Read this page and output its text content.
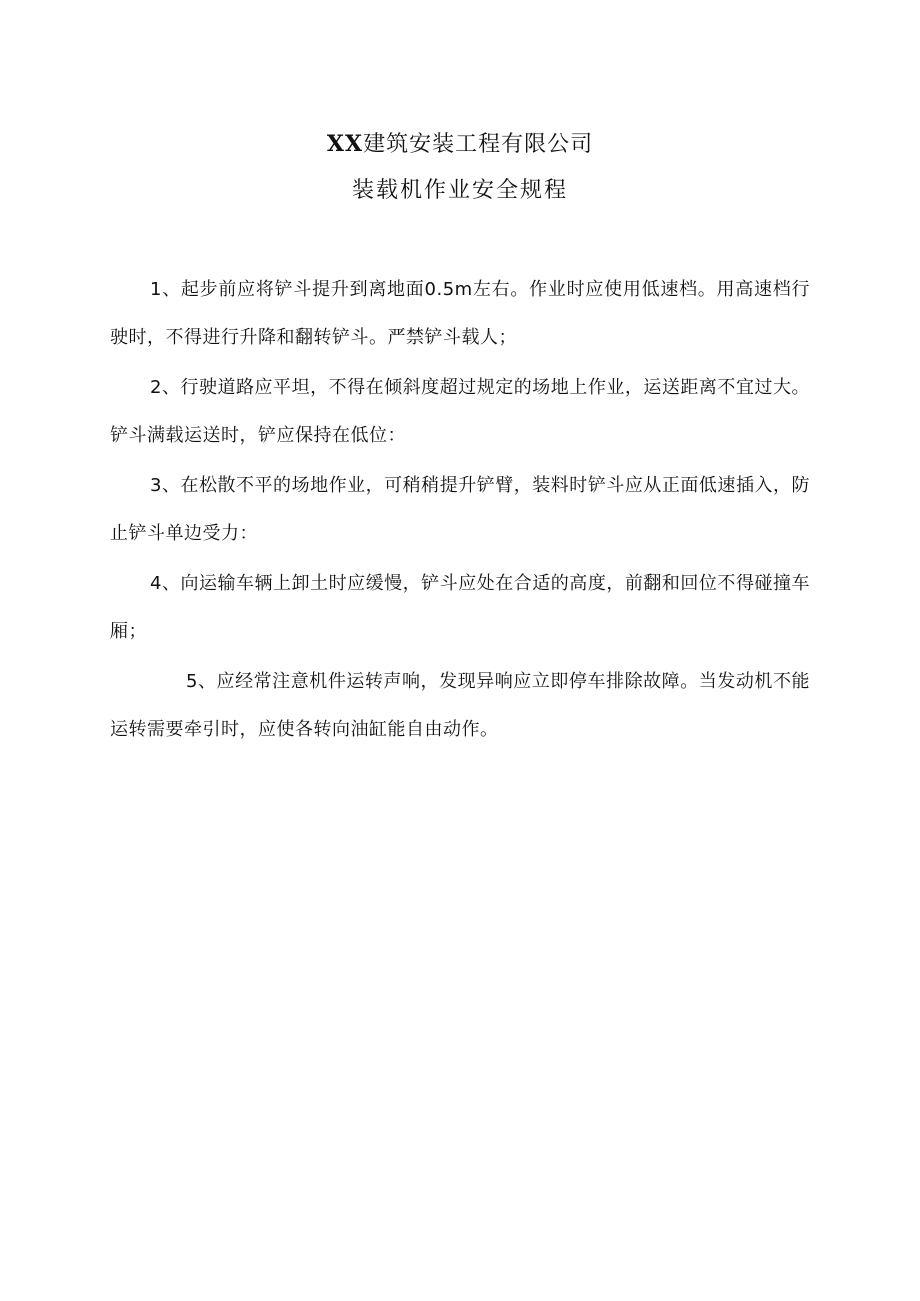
XX建筑安装工程有限公司
装载机作业安全规程

1、起步前应将铲斗提升到离地面0.5m左右。作业时应使用低速档。用高速档行驶时，不得进行升降和翻转铲斗。严禁铲斗载人；

2、行驶道路应平坦，不得在倾斜度超过规定的场地上作业，运送距离不宜过大。铲斗满载运送时，铲应保持在低位：

3、在松散不平的场地作业，可稍稍提升铲臂，装料时铲斗应从正面低速插入，防止铲斗单边受力：

4、向运输车辆上卸土时应缓慢，铲斗应处在合适的高度，前翻和回位不得碰撞车厢；

5、应经常注意机件运转声响，发现异响应立即停车排除故障。当发动机不能运转需要牵引时，应使各转向油缸能自由动作。
